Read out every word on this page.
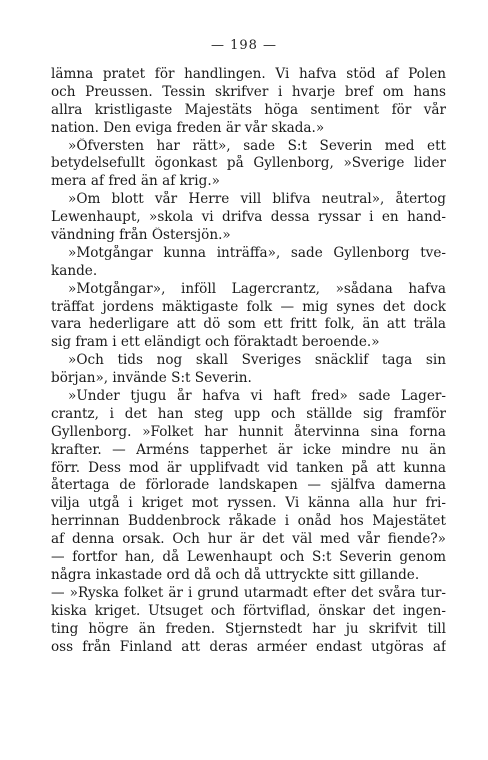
— 198 —

lämna pratet för handlingen. Vi hafva stöd af Polen
och Preussen. Tessin skrifver i hvarje bref om hans
allra kristligaste Majestäts höga sentiment för vår
nation. Den eviga freden är vår skada.»

»Öfversten har rätt», sade S:t Severin med ett
betydelsefullt ögonkast på Gyllenborg, »Sverige lider
mera af fred än af krig.»

»Om blott vår Herre vill blifva neutral», återtog
Lewenhaupt, »skola vi drifva dessa ryssar i en hand-
vändning från Östersjön.»

»Motgångar kunna inträffa», sade Gyllenborg tve-
kande.

»Motgångar», inföll Lagercrantz, »sådana hafva
träffat jordens mäktigaste folk — mig synes det dock
vara hederligare att dö som ett fritt folk, än att träla
sig fram i ett eländigt och föraktadt beroende.»

»Och tids nog skall Sveriges snäcklif taga sin
början», invände S:t Severin.

»Under tjugu år hafva vi haft fred» sade Lager-
crantz, i det han steg upp och ställde sig framför
Gyllenborg. »Folket har hunnit återvinna sina forna
krafter. — Arméns tapperhet är icke mindre nu än
förr. Dess mod är upplifvadt vid tanken på att kunna
återtaga de förlorade landskapen — själfva damerna
vilja utgå i kriget mot ryssen. Vi känna alla hur fri-
herrinnan Buddenbrock råkade i onåd hos Majestätet
af denna orsak. Och hur är det väl med vår fiende?»
— fortfor han, då Lewenhaupt och S:t Severin genom
några inkastade ord då och då uttryckte sitt gillande.

— »Ryska folket är i grund utarmadt efter det svåra tur-
kiska kriget. Utsuget och förtviflad, önskar det ingen-
ting högre än freden. Stjernstedt har ju skrifvit till
oss från Finland att deras arméer endast utgöras af
